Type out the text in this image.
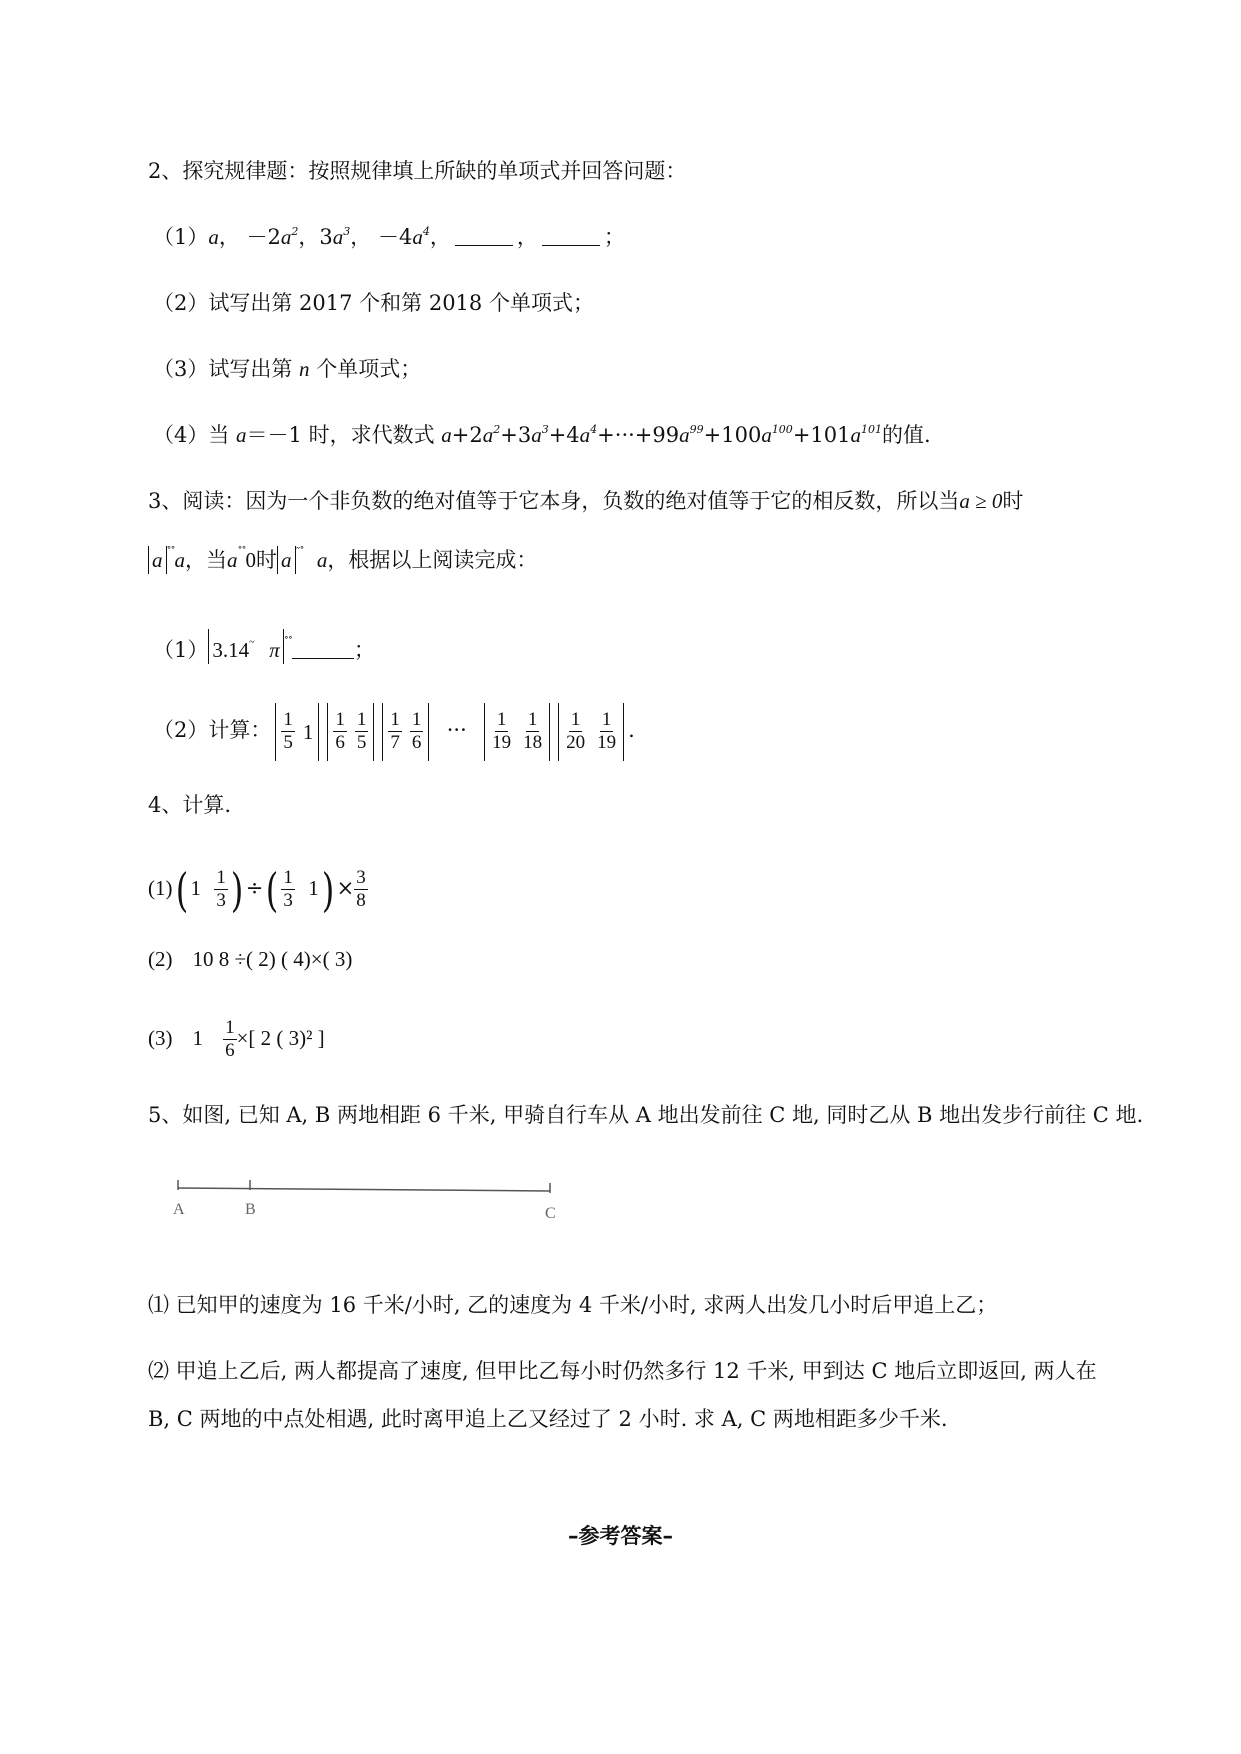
2、探究规律题：按照规律填上所缺的单项式并回答问题：
（1）a， $-2a^2$，$3a^3$， $-4a^4$，	，	；
（2）试写出第 2017 个和第 2018 个单项式；
（3）试写出第 n 个单项式；
（4）当 a＝－1 时，求代数式 $a+2a^2+3a^3+4a^4+\cdot\cdot\cdot+99a^{99}+100a^{100}+101a^{101}$的值.
3、阅读：因为一个非负数的绝对值等于它本身，负数的绝对值等于它的相反数，所以当a ≥ 0时
a ˚˚a，当a˚˚0时 a ˜˚ a，根据以上阅读完成：
（1） 3.14~ π ˚˚	；
（2）计算： $\frac{1}{5} 1 \frac{1}{6} \frac{1}{5} \frac{1}{7} \frac{1}{6}$ ··· $\frac{1}{19} \frac{1}{18} \frac{1}{20} \frac{1}{19}$ .
4、计算.
(1)( $1 \frac{1}{3}$ ) ÷( $\frac{1}{3} 1) \times \frac{3}{8}$
(2) 10 8 ÷( 2) ( 4)×( 3)
(3) $1 \frac{1}{6}$ ×[ 2 ( 3)² ]
5、如图, 已知 A, B 两地相距 6 千米, 甲骑自行车从 A 地出发前往 C 地, 同时乙从 B 地出发步行前往 C 地.
A	B	C
⑴ 已知甲的速度为 16 千米/小时, 乙的速度为 4 千米/小时, 求两人出发几小时后甲追上乙；
⑵ 甲追上乙后, 两人都提高了速度, 但甲比乙每小时仍然多行 12 千米, 甲到达 C 地后立即返回, 两人在
B, C 两地的中点处相遇, 此时离甲追上乙又经过了 2 小时. 求 A, C 两地相距多少千米.
–参考答案–
